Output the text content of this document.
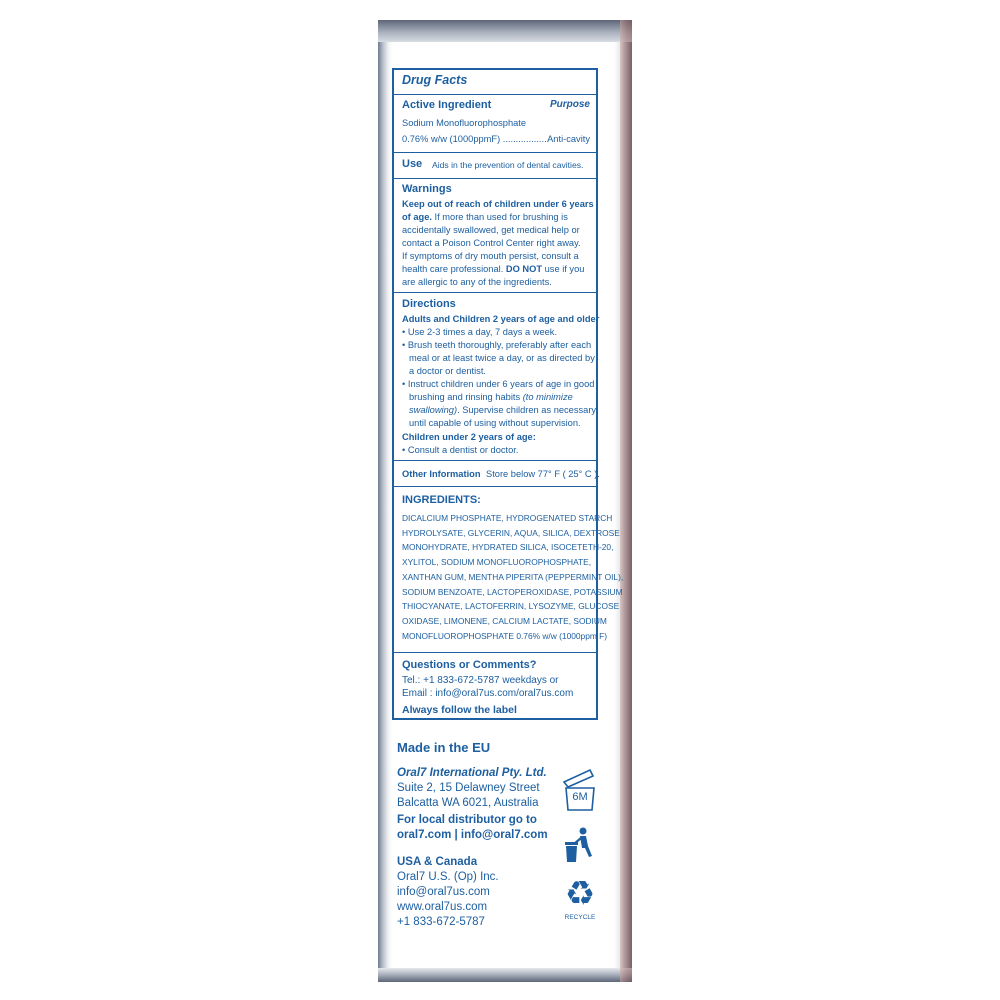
Drug Facts
Active Ingredient	Purpose
Sodium Monofluorophosphate
0.76% w/w (1000ppmF) ..................
Anti-cavity
Use Aids in the prevention of dental cavities.
Warnings
Keep out of reach of children under 6 years
of age. If more than used for brushing is
accidentally swallowed, get medical help or
contact a Poison Control Center right away.
If symptoms of dry mouth persist, consult a
health care professional. DO NOT use if you
are allergic to any of the ingredients.
Directions
Adults and Children 2 years of age and older
• Use 2-3 times a day, 7 days a week.
• Brush teeth thoroughly, preferably after each
meal or at least twice a day, or as directed by
a doctor or dentist.
• Instruct children under 6 years of age in good
brushing and rinsing habits (to minimize
swallowing). Supervise children as necessary
until capable of using without supervision.
Children under 2 years of age:
• Consult a dentist or doctor.
Other Information Store below 77° F ( 25° C ).
INGREDIENTS:
DICALCIUM PHOSPHATE, HYDROGENATED STARCH
HYDROLYSATE, GLYCERIN, AQUA, SILICA, DEXTROSE
MONOHYDRATE, HYDRATED SILICA, ISOCETETH-20,
XYLITOL, SODIUM MONOFLUOROPHOSPHATE,
XANTHAN GUM, MENTHA PIPERITA (PEPPERMINT OIL),
SODIUM BENZOATE, LACTOPEROXIDASE, POTASSIUM
THIOCYANATE, LACTOFERRIN, LYSOZYME, GLUCOSE
OXIDASE, LIMONENE, CALCIUM LACTATE, SODIUM
MONOFLUOROPHOSPHATE 0.76% w/w (1000ppm F)
Questions or Comments?
Tel.: +1 833-672-5787 weekdays or
Email : info@oral7us.com/oral7us.com
Always follow the label
Made in the EU
Oral7 International Pty. Ltd.
Suite 2, 15 Delawney Street
Balcatta WA 6021, Australia
For local distributor go to
oral7.com | info@oral7.com
USA & Canada
Oral7 U.S. (Op) Inc.
info@oral7us.com
www.oral7us.com
+1 833-672-5787
6M
♻
RECYCLE
